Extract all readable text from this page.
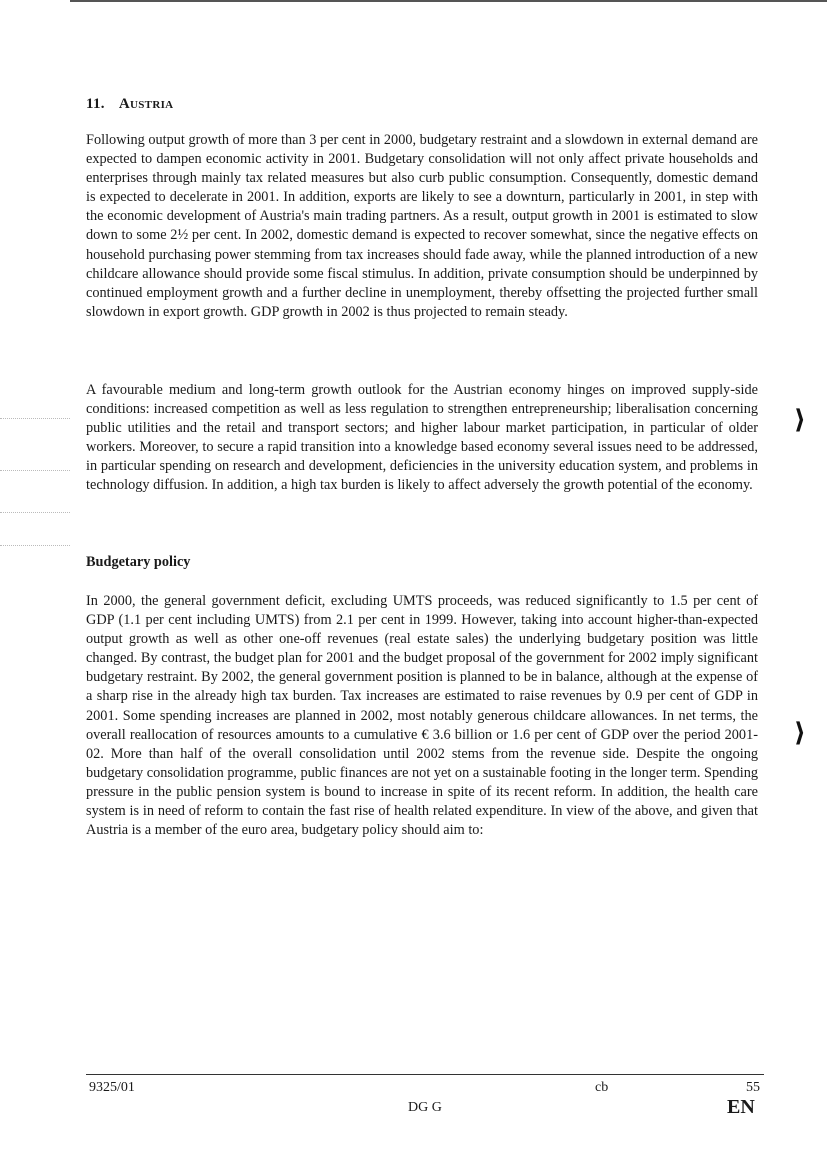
11. Austria

Following output growth of more than 3 per cent in 2000, budgetary restraint and a slowdown in external demand are expected to dampen economic activity in 2001. Budgetary consolidation will not only affect private households and enterprises through mainly tax related measures but also curb public consumption. Consequently, domestic demand is expected to decelerate in 2001. In addition, exports are likely to see a downturn, particularly in 2001, in step with the economic development of Austria's main trading partners. As a result, output growth in 2001 is estimated to slow down to some 2½ per cent. In 2002, domestic demand is expected to recover somewhat, since the negative effects on household purchasing power stemming from tax increases should fade away, while the planned introduction of a new childcare allowance should provide some fiscal stimulus. In addition, private consumption should be underpinned by continued employment growth and a further decline in unemployment, thereby offsetting the projected further small slowdown in export growth. GDP growth in 2002 is thus projected to remain steady.

A favourable medium and long-term growth outlook for the Austrian economy hinges on improved supply-side conditions: increased competition as well as less regulation to strengthen entrepreneurship; liberalisation concerning public utilities and the retail and transport sectors; and higher labour market participation, in particular of older workers. Moreover, to secure a rapid transition into a knowledge based economy several issues need to be addressed, in particular spending on research and development, deficiencies in the university education system, and problems in technology diffusion. In addition, a high tax burden is likely to affect adversely the growth potential of the economy.

Budgetary policy

In 2000, the general government deficit, excluding UMTS proceeds, was reduced significantly to 1.5 per cent of GDP (1.1 per cent including UMTS) from 2.1 per cent in 1999. However, taking into account higher-than-expected output growth as well as other one-off revenues (real estate sales) the underlying budgetary position was little changed. By contrast, the budget plan for 2001 and the budget proposal of the government for 2002 imply significant budgetary restraint. By 2002, the general government position is planned to be in balance, although at the expense of a sharp rise in the already high tax burden. Tax increases are estimated to raise revenues by 0.9 per cent of GDP in 2001. Some spending increases are planned in 2002, most notably generous childcare allowances. In net terms, the overall reallocation of resources amounts to a cumulative € 3.6 billion or 1.6 per cent of GDP over the period 2001-02. More than half of the overall consolidation until 2002 stems from the revenue side. Despite the ongoing budgetary consolidation programme, public finances are not yet on a sustainable footing in the longer term. Spending pressure in the public pension system is bound to increase in spite of its recent reform. In addition, the health care system is in need of reform to contain the fast rise of health related expenditure. In view of the above, and given that Austria is a member of the euro area, budgetary policy should aim to:

⟩
⟩
9325/01	cb	55
DG G	EN
